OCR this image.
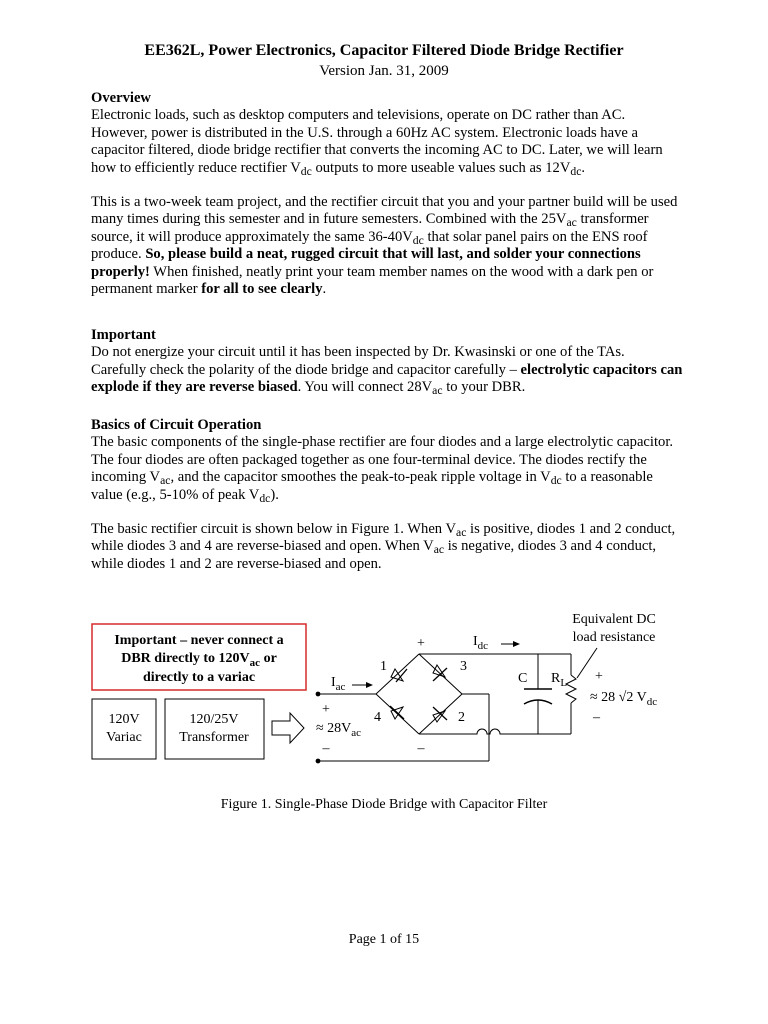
EE362L, Power Electronics, Capacitor Filtered Diode Bridge Rectifier
Version Jan. 31, 2009
Overview
Electronic loads, such as desktop computers and televisions, operate on DC rather than AC. However, power is distributed in the U.S. through a 60Hz AC system. Electronic loads have a capacitor filtered, diode bridge rectifier that converts the incoming AC to DC. Later, we will learn how to efficiently reduce rectifier $V_{dc}$ outputs to more useable values such as $12V_{dc}$.
This is a two-week team project, and the rectifier circuit that you and your partner build will be used many times during this semester and in future semesters. Combined with the $25V_{ac}$ transformer source, it will produce approximately the same $36-40V_{dc}$ that solar panel pairs on the ENS roof produce. So, please build a neat, rugged circuit that will last, and solder your connections properly! When finished, neatly print your team member names on the wood with a dark pen or permanent marker for all to see clearly.
Important
Do not energize your circuit until it has been inspected by Dr. Kwasinski or one of the TAs. Carefully check the polarity of the diode bridge and capacitor carefully – electrolytic capacitors can explode if they are reverse biased. You will connect $28V_{ac}$ to your DBR.
Basics of Circuit Operation
The basic components of the single-phase rectifier are four diodes and a large electrolytic capacitor. The four diodes are often packaged together as one four-terminal device. The diodes rectify the incoming $V_{ac}$, and the capacitor smoothes the peak-to-peak ripple voltage in $V_{dc}$ to a reasonable value (e.g., 5-10% of peak $V_{dc}$).
The basic rectifier circuit is shown below in Figure 1. When $V_{ac}$ is positive, diodes 1 and 2 conduct, while diodes 3 and 4 are reverse-biased and open. When $V_{ac}$ is negative, diodes 3 and 4 conduct, while diodes 1 and 2 are reverse-biased and open.
Important – never connect a
DBR directly to $120V_{ac}$ or
directly to a variac
120V
Variac
120/25V
Transformer
+
≈ $28V_{ac}$
–
$I_{ac}$
1	3
4	2
+
–
$I_{dc}$
C $R_L$
Equivalent DC
load resistance
+
≈ 28 √2 $V_{dc}$
–
Figure 1. Single-Phase Diode Bridge with Capacitor Filter
Page 1 of 15
